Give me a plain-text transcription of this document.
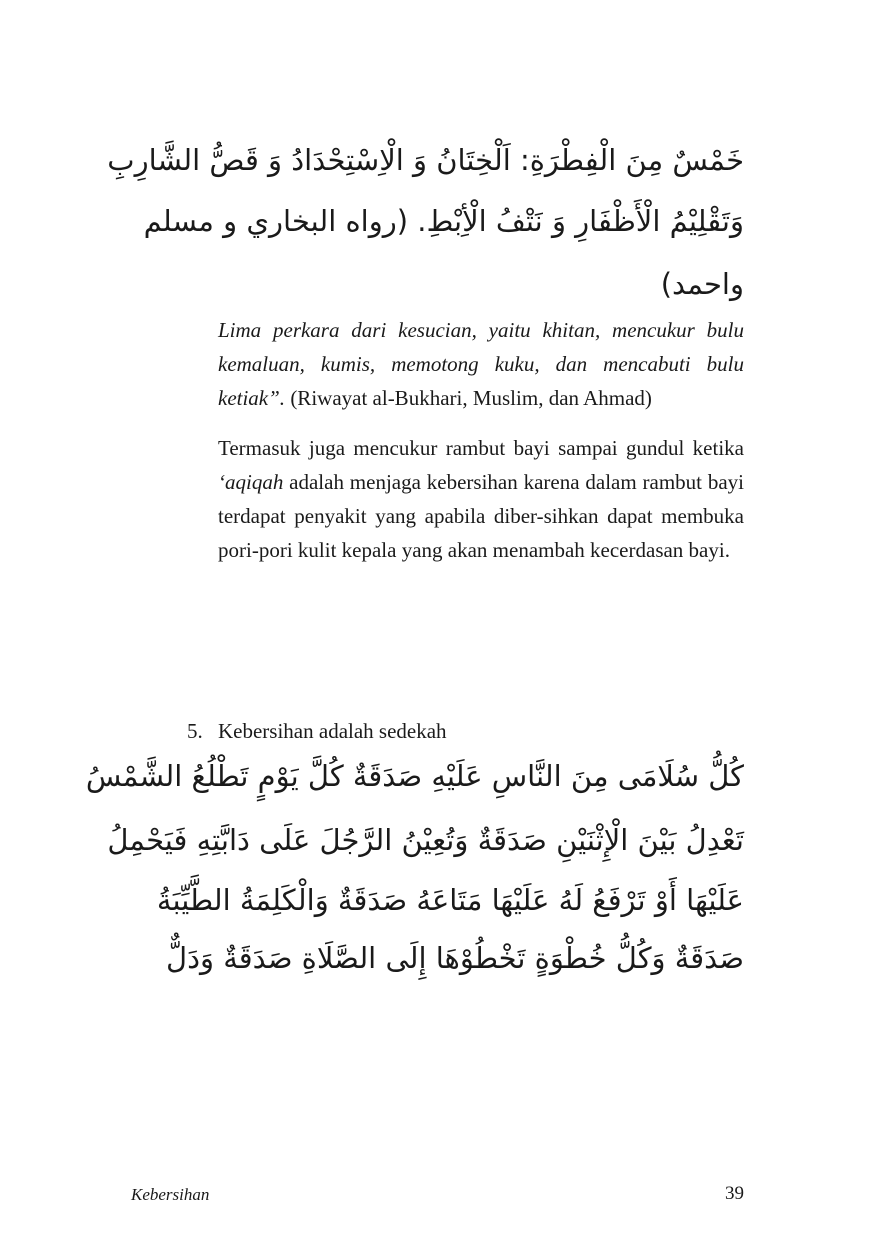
خَمْسٌ مِنَ الْفِطْرَةِ: اَلْخِتَانُ وَ الْاِسْتِحْدَادُ وَ قَصُّ الشَّارِبِ
وَتَقْلِيْمُ الْأَظْفَارِ وَ نَتْفُ الْأِبْطِ. (رواه البخاري و مسلم
واحمد)
Lima perkara dari kesucian, yaitu khitan, mencukur bulu kemaluan, kumis, memotong kuku, dan mencabuti bulu ketiak”. (Riwayat al-Bukhari, Muslim, dan Ahmad)
Termasuk juga mencukur rambut bayi sampai gundul ketika ‘aqiqah adalah menjaga kebersihan karena dalam rambut bayi terdapat penyakit yang apabila diber-sihkan dapat membuka pori-pori kulit kepala yang akan menambah kecerdasan bayi.
5. Kebersihan adalah sedekah
كُلُّ سُلَامَى مِنَ النَّاسِ عَلَيْهِ صَدَقَةٌ كُلَّ يَوْمٍ تَطْلُعُ الشَّمْسُ
تَعْدِلُ بَيْنَ الْإِثْنَيْنِ صَدَقَةٌ وَتُعِيْنُ الرَّجُلَ عَلَى دَابَّتِهِ فَيَحْمِلُ
عَلَيْهَا أَوْ تَرْفَعُ لَهُ عَلَيْهَا مَتَاعَهُ صَدَقَةٌ وَالْكَلِمَةُ الطَّيِّبَةُ
صَدَقَةٌ وَكُلُّ خُطْوَةٍ تَخْطُوْهَا إِلَى الصَّلَاةِ صَدَقَةٌ وَدَلٌّ
Kebersihan	39
